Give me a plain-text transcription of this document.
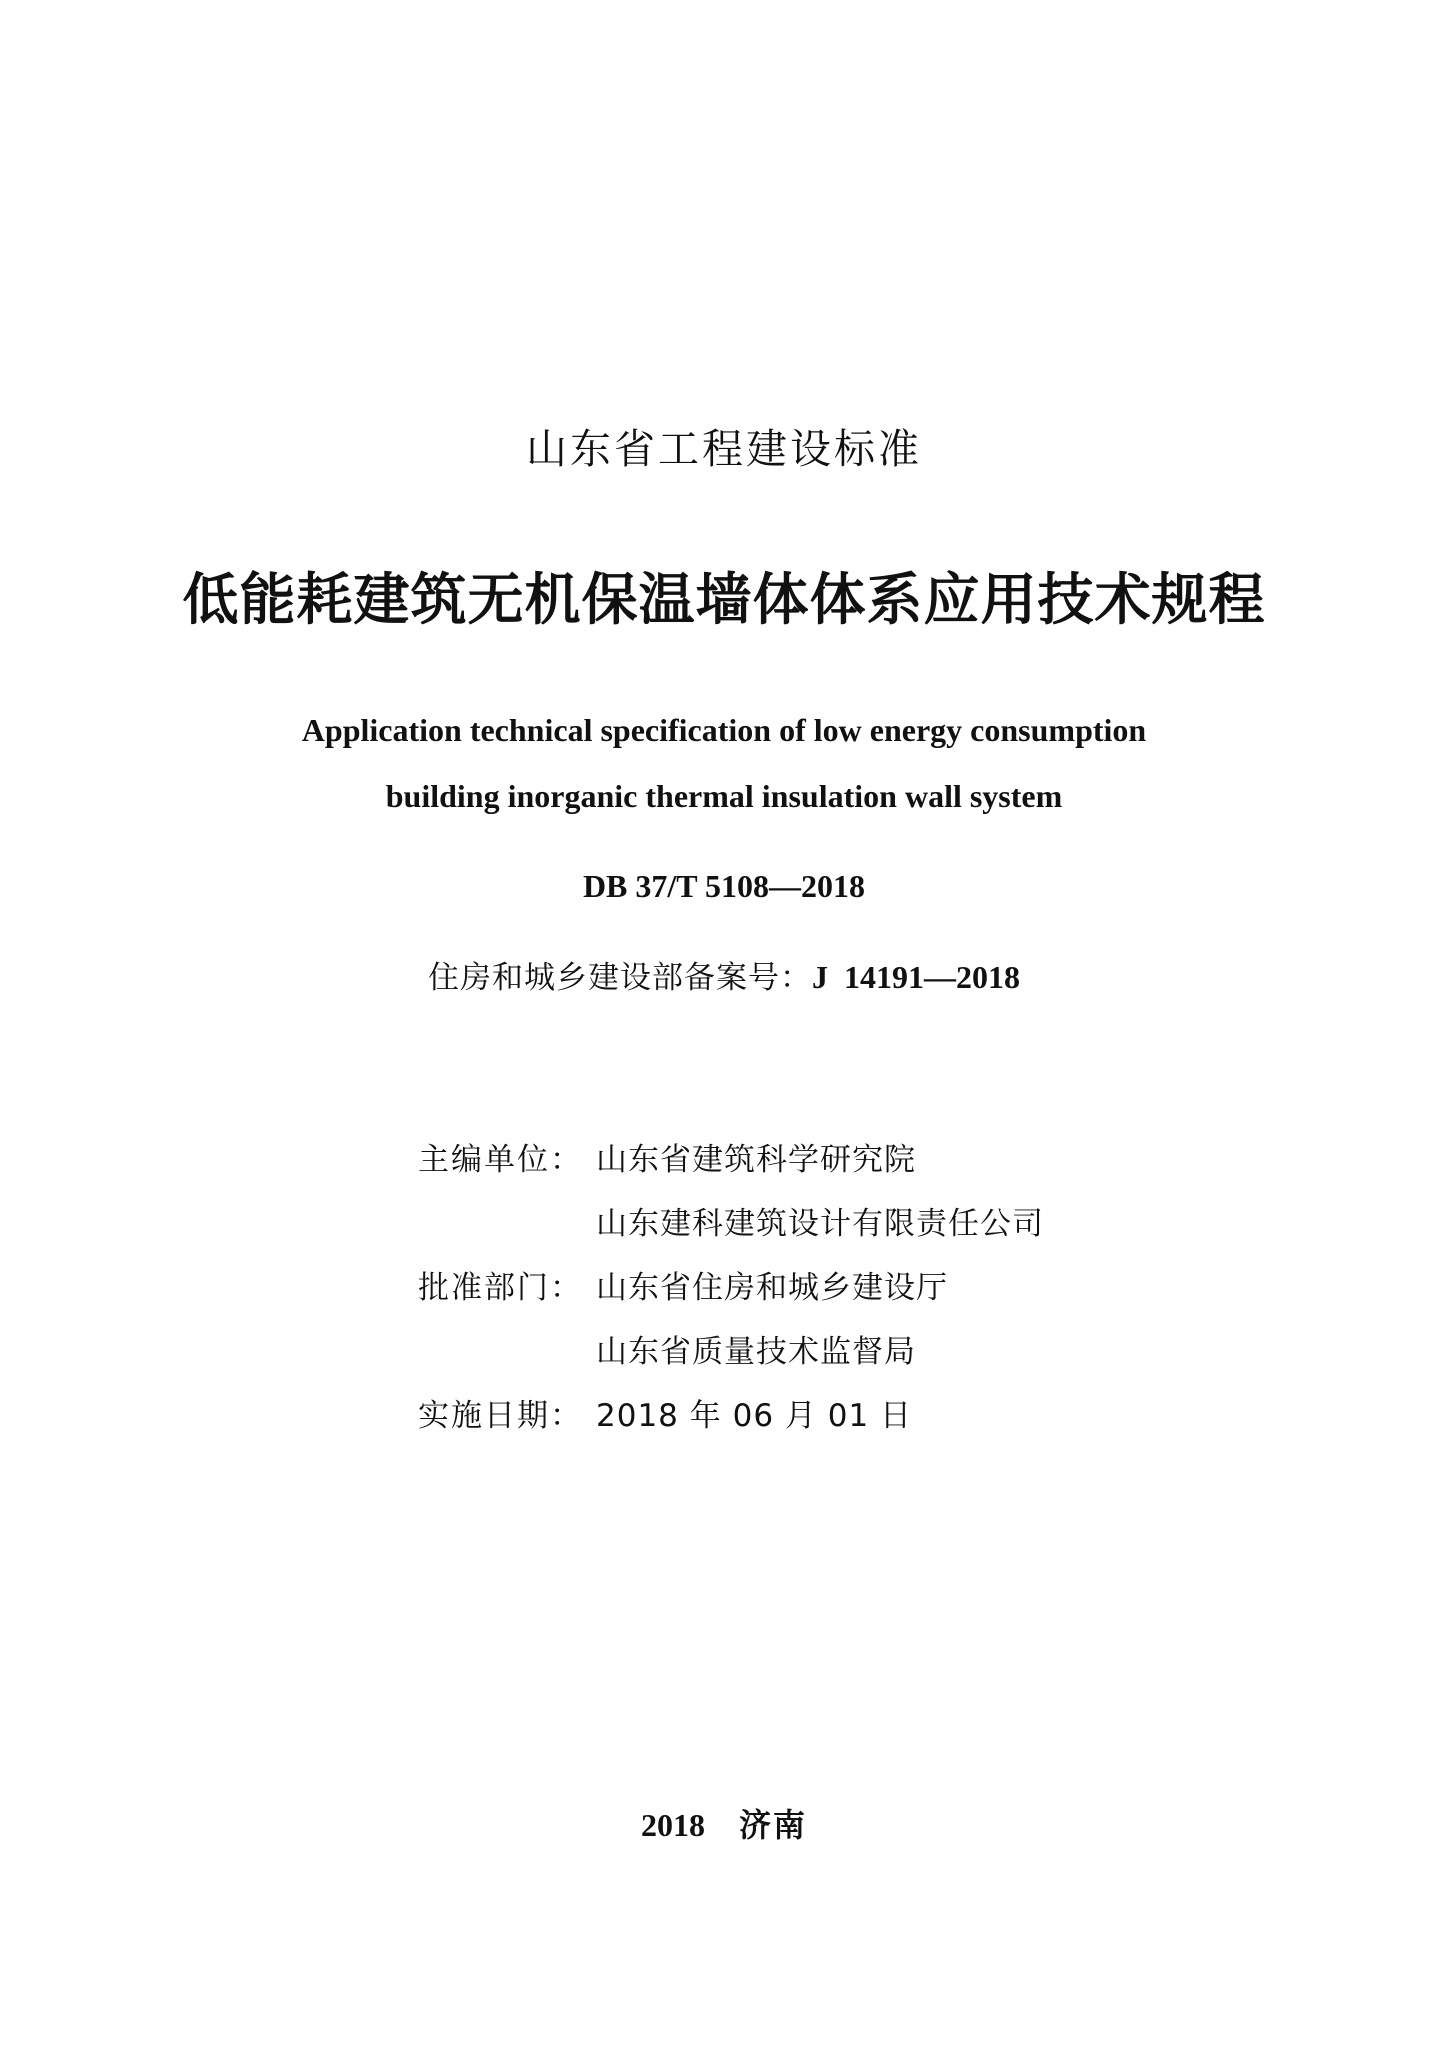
山东省工程建设标准
低能耗建筑无机保温墙体体系应用技术规程
Application technical specification of low energy consumption
building inorganic thermal insulation wall system
DB 37/T 5108—2018
住房和城乡建设部备案号：J 14191—2018
主编单位： 山东省建筑科学研究院
山东建科建筑设计有限责任公司
批准部门： 山东省住房和城乡建设厅
山东省质量技术监督局
实施日期： 2018 年 06 月 01 日
2018 济南
